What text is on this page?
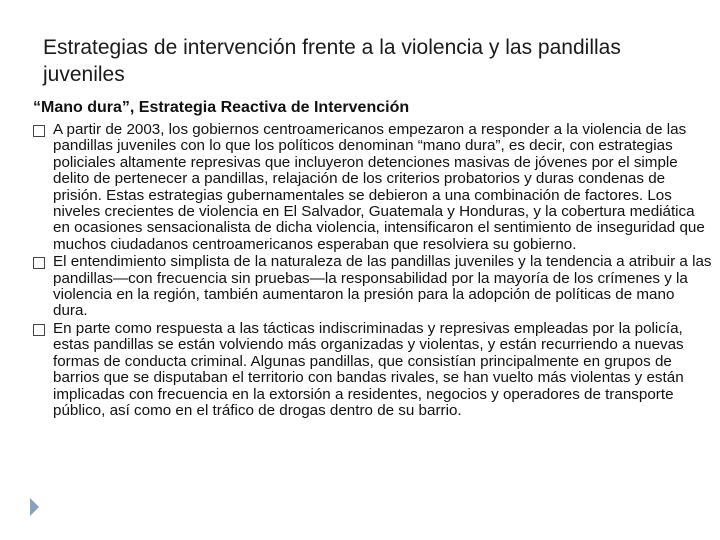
Estrategias de intervención frente a la violencia y las pandillas juveniles
“Mano dura”, Estrategia Reactiva de Intervención
A partir de 2003, los gobiernos centroamericanos empezaron a responder a la violencia de las pandillas juveniles con lo que los políticos denominan “mano dura”, es decir, con estrategias policiales altamente represivas que incluyeron detenciones masivas de jóvenes por el simple delito de pertenecer a pandillas, relajación de los criterios probatorios y duras condenas de prisión. Estas estrategias gubernamentales se debieron a una combinación de factores. Los niveles crecientes de violencia en El Salvador, Guatemala y Honduras, y la cobertura mediática en ocasiones sensacionalista de dicha violencia, intensificaron el sentimiento de inseguridad que muchos ciudadanos centroamericanos esperaban que resolviera su gobierno.
El entendimiento simplista de la naturaleza de las pandillas juveniles y la tendencia a atribuir a las pandillas—con frecuencia sin pruebas—la responsabilidad por la mayoría de los crímenes y la violencia en la región, también aumentaron la presión para la adopción de políticas de mano dura.
En parte como respuesta a las tácticas indiscriminadas y represivas empleadas por la policía, estas pandillas se están volviendo más organizadas y violentas, y están recurriendo a nuevas formas de conducta criminal. Algunas pandillas, que consistían principalmente en grupos de barrios que se disputaban el territorio con bandas rivales, se han vuelto más violentas y están implicadas con frecuencia en la extorsión a residentes, negocios y operadores de transporte público, así como en el tráfico de drogas dentro de su barrio.
